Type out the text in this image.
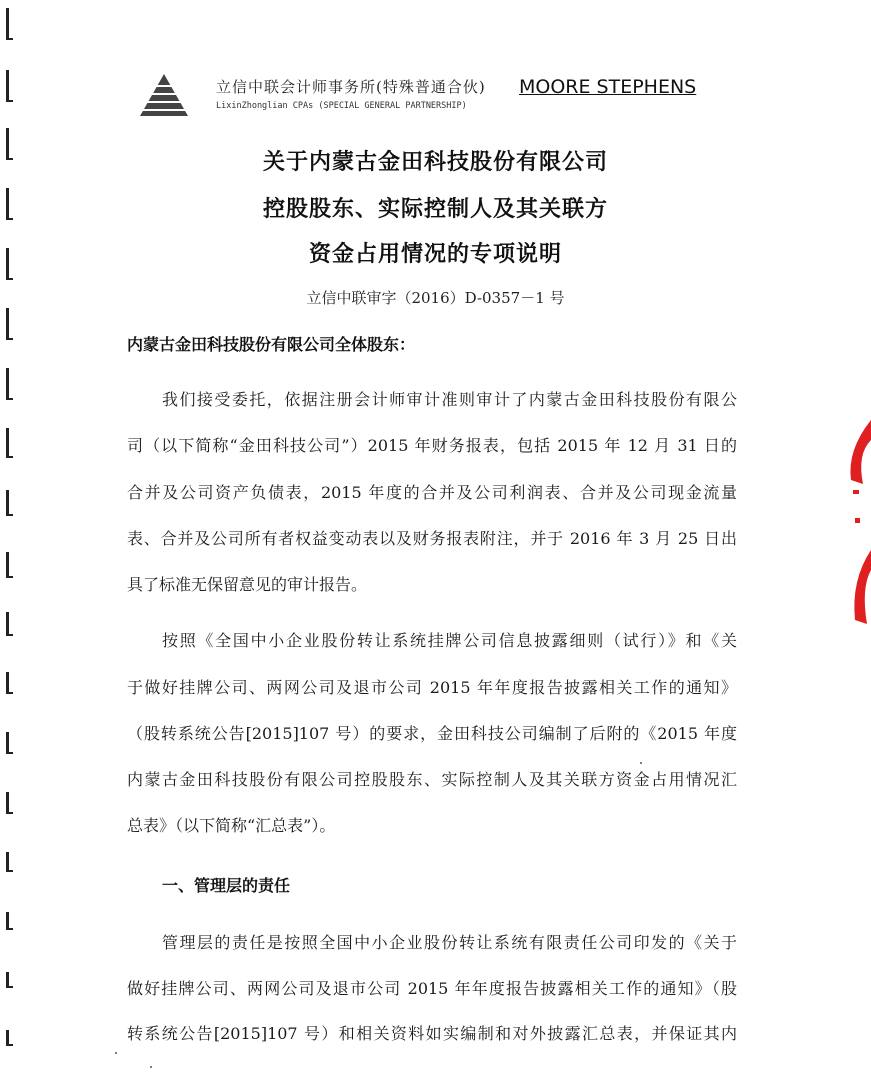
立信中联会计师事务所(特殊普通合伙)
LixinZhonglian CPAs (SPECIAL GENERAL PARTNERSHIP)
MOORE STEPHENS
关于内蒙古金田科技股份有限公司
控股股东、实际控制人及其关联方
资金占用情况的专项说明
立信中联审字（2016）D-0357－1 号
内蒙古金田科技股份有限公司全体股东：
我们接受委托，依据注册会计师审计准则审计了内蒙古金田科技股份有限公
司（以下简称“金田科技公司”）2015 年财务报表，包括 2015 年 12 月 31 日的
合并及公司资产负债表，2015 年度的合并及公司利润表、合并及公司现金流量
表、合并及公司所有者权益变动表以及财务报表附注，并于 2016 年 3 月 25 日出
具了标准无保留意见的审计报告。
按照《全国中小企业股份转让系统挂牌公司信息披露细则（试行）》和《关
于做好挂牌公司、两网公司及退市公司 2015 年年度报告披露相关工作的通知》
（股转系统公告[2015]107 号）的要求，金田科技公司编制了后附的《2015 年度
内蒙古金田科技股份有限公司控股股东、实际控制人及其关联方资金占用情况汇
总表》（以下简称“汇总表”）。
一、管理层的责任
管理层的责任是按照全国中小企业股份转让系统有限责任公司印发的《关于
做好挂牌公司、两网公司及退市公司 2015 年年度报告披露相关工作的通知》（股
转系统公告[2015]107 号）和相关资料如实编制和对外披露汇总表，并保证其内
